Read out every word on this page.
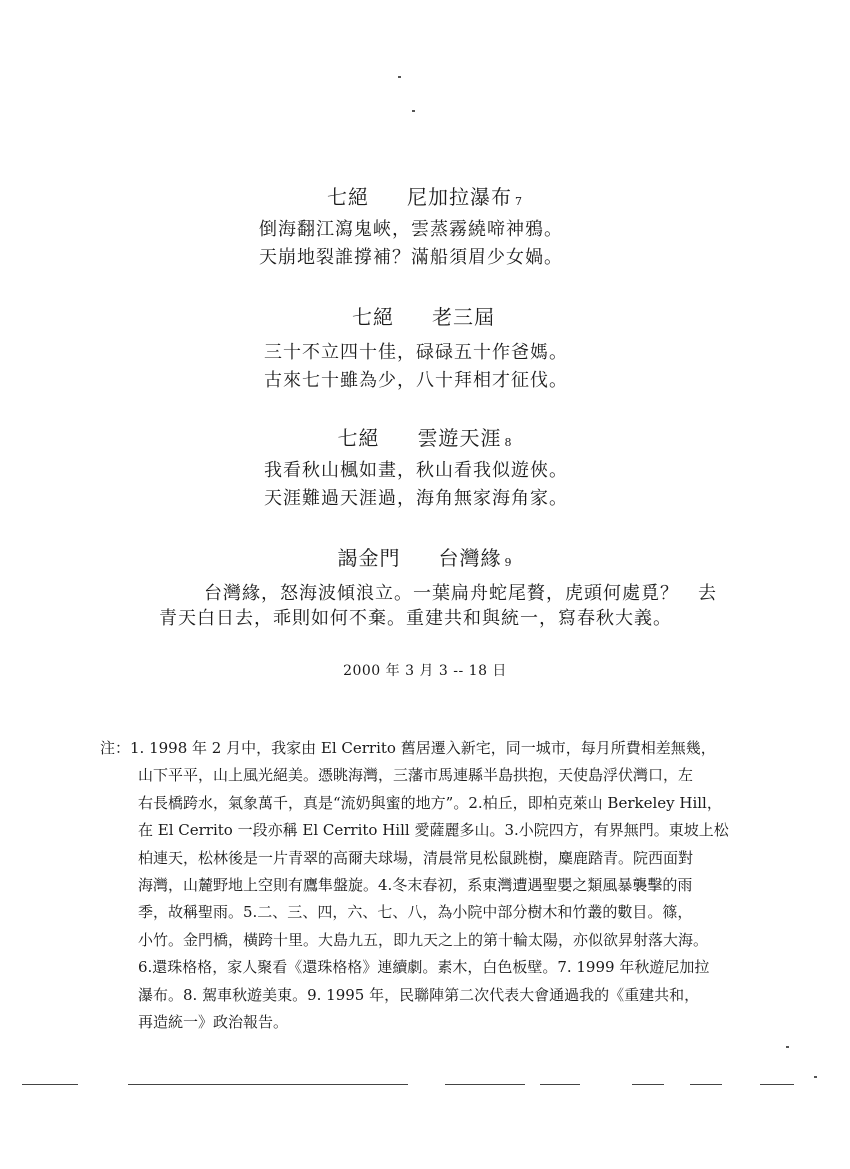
七絕 尼加拉瀑布 $^7$
倒海翻江瀉鬼峽，雲蒸霧繞啼神鴉。
天崩地裂誰撐補？滿船須眉少女媧。
七絕 老三屆
三十不立四十佳，碌碌五十作爸媽。
古來七十雖為少，八十拜相才征伐。
七絕 雲遊天涯 $^8$
我看秋山楓如畫，秋山看我似遊俠。
天涯難過天涯過，海角無家海角家。
謁金門 台灣緣 $^9$
台灣緣，怒海波傾浪立。一葉扁舟蛇尾贅，虎頭何處覓？　去
青天白日去，乖則如何不棄。重建共和與統一，寫春秋大義。
2000 年 3 月 3 -- 18 日
注：1. 1998 年 2 月中，我家由 El Cerrito 舊居遷入新宅，同一城市，每月所費相差無幾，
山下平平，山上風光絕美。憑眺海灣，三藩市馬連縣半島拱抱，天使島浮伏灣口，左
右長橋跨水，氣象萬千，真是“流奶與蜜的地方”。2.柏丘，即柏克萊山 Berkeley Hill，
在 El Cerrito 一段亦稱 El Cerrito Hill 愛薩麗多山。3.小院四方，有界無門。東坡上松
柏連天，松林後是一片青翠的高爾夫球場，清晨常見松鼠跳樹，麋鹿踏青。院西面對
海灣，山麓野地上空則有鷹隼盤旋。4.冬末春初，系東灣遭遇聖嬰之類風暴襲擊的雨
季，故稱聖雨。5.二、三、四，六、七、八，為小院中部分樹木和竹叢的數目。篠，
小竹。金門橋，橫跨十里。大島九五，即九天之上的第十輪太陽，亦似欲昇射落大海。
6.還珠格格，家人聚看《還珠格格》連續劇。素木，白色板壁。7. 1999 年秋遊尼加拉
瀑布。8. 駕車秋遊美東。9. 1995 年，民聯陣第二次代表大會通過我的《重建共和，
再造統一》政治報告。
